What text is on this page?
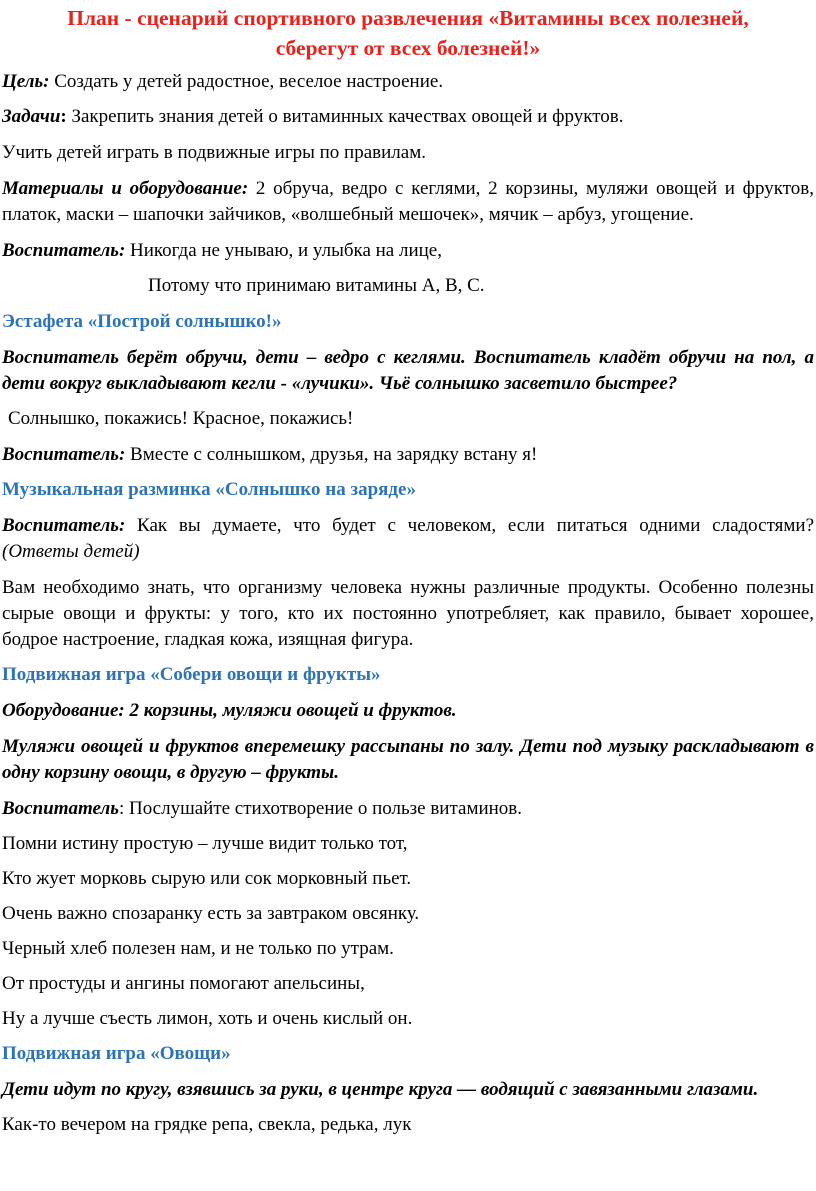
План - сценарий спортивного развлечения «Витамины всех полезней,
сберегут от всех болезней!»

Цель: Создать у детей радостное, веселое настроение.

Задачи: Закрепить знания детей о витаминных качествах овощей и фруктов.

Учить детей играть в подвижные игры по правилам.

Материалы и оборудование: 2 обруча, ведро с кеглями, 2 корзины, муляжи овощей и фруктов, платок, маски – шапочки зайчиков, «волшебный мешочек», мячик – арбуз, угощение.

Воспитатель: Никогда не унываю, и улыбка на лице,

Потому что принимаю витамины А, В, С.

Эстафета «Построй солнышко!»

Воспитатель берёт обручи, дети – ведро с кеглями. Воспитатель кладёт обручи на пол, а дети вокруг выкладывают кегли - «лучики». Чьё солнышко засветило быстрее?

Солнышко, покажись! Красное, покажись!

Воспитатель: Вместе с солнышком, друзья, на зарядку встану я!

Музыкальная разминка «Солнышко на заряде»

Воспитатель: Как вы думаете, что будет с человеком, если питаться одними сладостями? (Ответы детей)

Вам необходимо знать, что организму человека нужны различные продукты. Особенно полезны сырые овощи и фрукты: у того, кто их постоянно употребляет, как правило, бывает хорошее, бодрое настроение, гладкая кожа, изящная фигура.

Подвижная игра «Собери овощи и фрукты»

Оборудование: 2 корзины, муляжи овощей и фруктов.

Муляжи овощей и фруктов вперемешку рассыпаны по залу. Дети под музыку раскладывают в одну корзину овощи, в другую – фрукты.

Воспитатель: Послушайте стихотворение о пользе витаминов.

Помни истину простую – лучше видит только тот,

Кто жует морковь сырую или сок морковный пьет.

Очень важно спозаранку есть за завтраком овсянку.

Черный хлеб полезен нам, и не только по утрам.

От простуды и ангины помогают апельсины,

Ну а лучше съесть лимон, хоть и очень кислый он.

Подвижная игра «Овощи»

Дети идут по кругу, взявшись за руки, в центре круга — водящий с завязанными глазами.

Как-то вечером на грядке репа, свекла, редька, лук
